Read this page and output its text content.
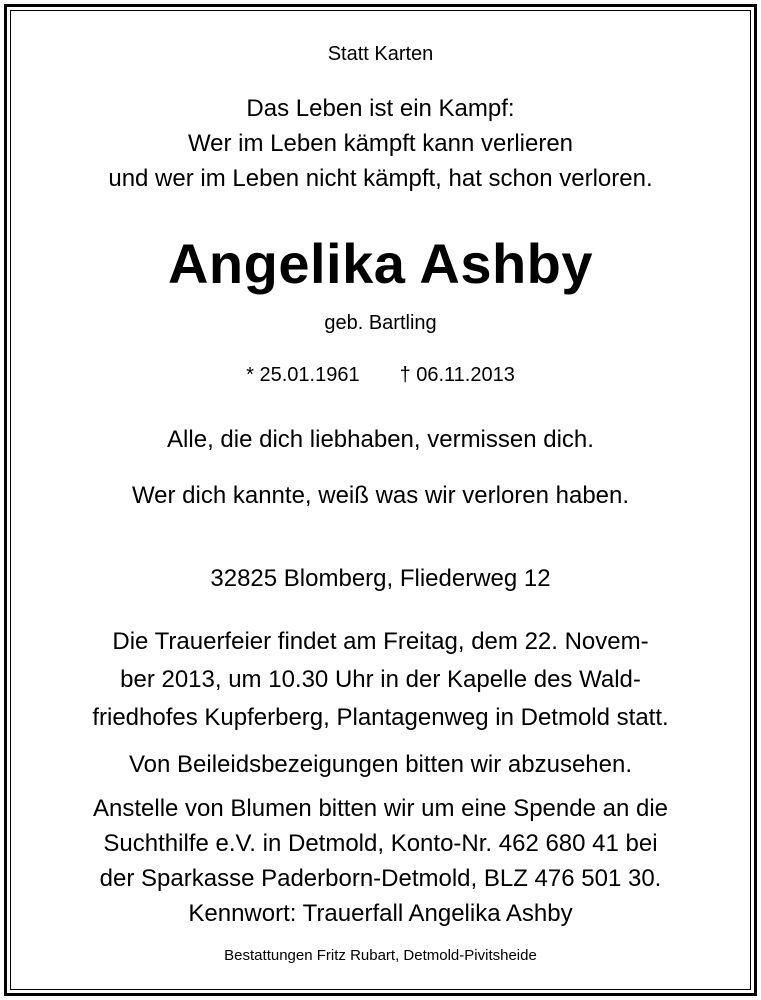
Statt Karten
Das Leben ist ein Kampf:
Wer im Leben kämpft kann verlieren
und wer im Leben nicht kämpft, hat schon verloren.
Angelika Ashby
geb. Bartling
* 25.01.1961 † 06.11.2013
Alle, die dich liebhaben, vermissen dich.
Wer dich kannte, weiß was wir verloren haben.
32825 Blomberg, Fliederweg 12
Die Trauerfeier findet am Freitag, dem 22. Novem-
ber 2013, um 10.30 Uhr in der Kapelle des Wald-
friedhofes Kupferberg, Plantagenweg in Detmold statt.
Von Beileidsbezeigungen bitten wir abzusehen.
Anstelle von Blumen bitten wir um eine Spende an die
Suchthilfe e.V. in Detmold, Konto-Nr. 462 680 41 bei
der Sparkasse Paderborn-Detmold, BLZ 476 501 30.
Kennwort: Trauerfall Angelika Ashby
Bestattungen Fritz Rubart, Detmold-Pivitsheide
